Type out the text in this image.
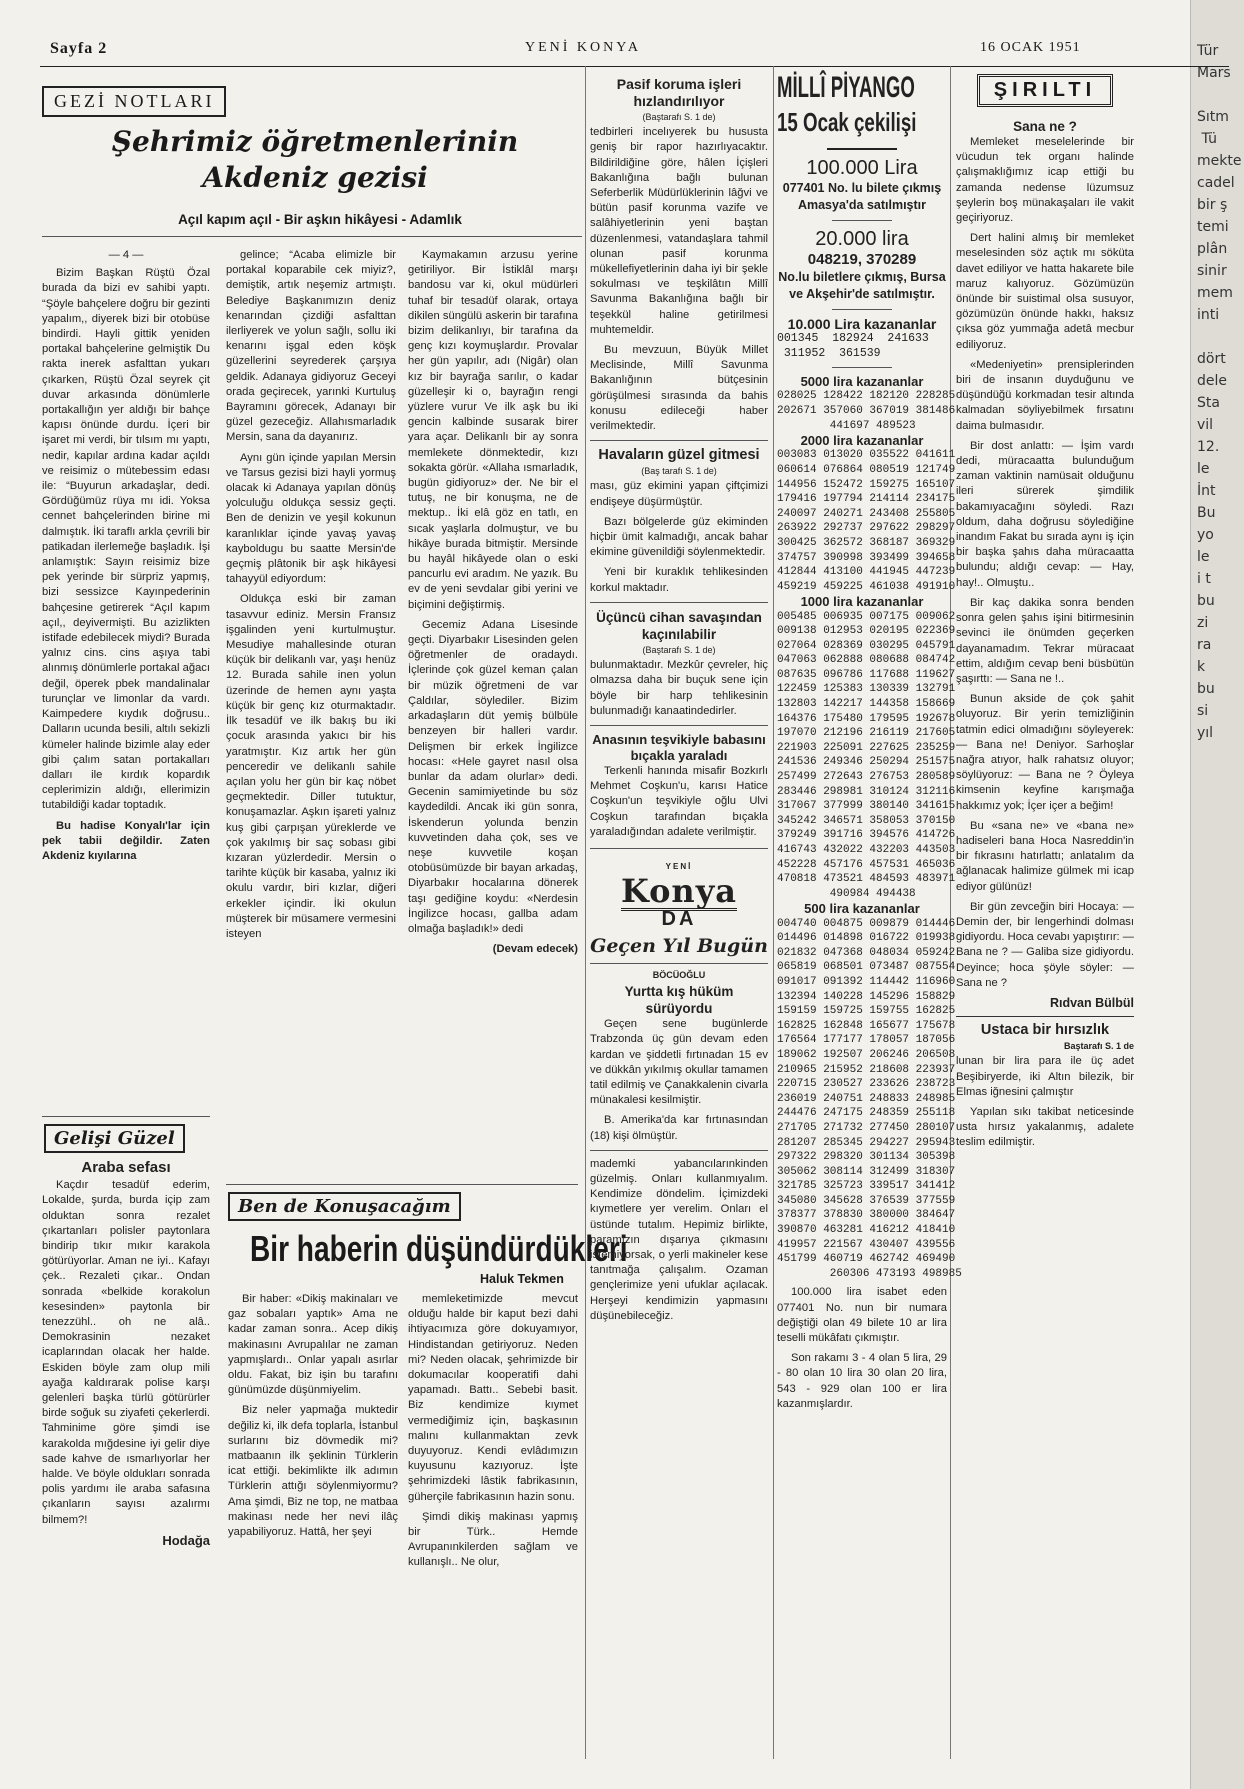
Tür
Mars

Sıtm
Tü
mekte
cadel
bir ş
temi
plân
sinir
mem
inti

dört
dele
Sta
vil
12.
le
İnt
Bu
yo
le
i t
bu
zi
ra
k
bu
si
yıl
Sayfa 2	YENİ KONYA	16 OCAK 1951
GEZİ NOTLARI
Şehrimiz öğretmenlerinin
Akdeniz gezisi
Açıl kapım açıl - Bir aşkın hikâyesi - Adamlık
— 4 —

Bizim Başkan Rüştü Özal burada da bizi ev sahibi yaptı. “Şöyle bahçelere doğru bir gezinti yapalım,, diyerek bizi bir otobüse bindirdi. Hayli gittik yeniden portakal bahçelerine gelmiştik Du rakta inerek asfalttan yukarı çıkarken, Rüştü Özal seyrek çit duvar arkasında dönümlerle portakallığın yer aldığı bir bahçe kapısı önünde durdu. İçeri bir işaret mi verdi, bir tılsım mı yaptı, nedir, kapılar ardına kadar açıldı ve reisimiz o mütebessim edası ile: “Buyurun arkadaşlar, dedi. Gördüğümüz rüya mı idi. Yoksa cennet bahçelerinden birine mi dalmıştık. İki taraflı arkla çevrili bir patikadan ilerlemeğe başladık. İşi anlamıştık: Sayın reisimiz bize pek yerinde bir sürpriz yapmış, bizi sessizce Kayınpederinin bahçesine getirerek “Açıl kapım açıl,, deyivermişti. Bu azizlikten istifade edebilecek miydi? Burada yalnız cins. cins aşıya tabi alınmış dönümlerle portakal ağacı değil, öperek pbek mandalinalar turunçlar ve limonlar da vardı. Kaimpedere kıydık doğrusu.. Dalların ucunda besili, altılı sekizli kümeler halinde bizimle alay eder gibi çalım satan portakalları dalları ile kırdık kopardık ceplerimizin aldığı, ellerimizin tutabildiği kadar toptadık.

Bu hadise Konyalı'lar için pek tabii değildir. Zaten Akdeniz kıyılarına

gelince; “Acaba elimizle bir portakal koparabile cek miyiz?, demiştik, artık neşemiz artmıştı. Belediye Başkanımızın deniz kenarından çizdiği asfalttan ilerliyerek ve yolun sağlı, sollu iki kenarını işgal eden köşk güzellerini seyrederek çarşıya geldik. Adanaya gidiyoruz Geceyi orada geçirecek, yarınki Kurtuluş Bayramını görecek, Adanayı bir güzel gezeceğiz. Allahısmarladık Mersin, sana da dayanırız.

Aynı gün içinde yapılan Mersin ve Tarsus gezisi bizi hayli yormuş olacak ki Adanaya yapılan dönüş yolculuğu oldukça sessiz geçti. Ben de denizin ve yeşil kokunun karanlıklar içinde yavaş yavaş kayboldugu bu saatte Mersin'de geçmiş plâtonik bir aşk hikâyesi tahayyül ediyordum:

Oldukça eski bir zaman tasavvur ediniz. Mersin Fransız işgalinden yeni kurtulmuştur. Mesudiye mahallesinde oturan küçük bir delikanlı var, yaşı henüz 12. Burada sahile inen yolun üzerinde de hemen aynı yaşta küçük bir genç kız oturmaktadır. İlk tesadüf ve ilk bakış bu iki çocuk arasında yakıcı bir his yaratmıştır. Kız artık her gün penceredir ve delikanlı sahile açılan yolu her gün bir kaç nöbet geçmektedir. Diller tutuktur, konuşamazlar. Aşkın işareti yalnız kuş gibi çarpışan yüreklerde ve çok yakılmış bir saç sobası gibi kızaran yüzlerdedir. Mersin o tarihte küçük bir kasaba, yalnız iki okulu vardır, biri kızlar, diğeri erkekler içindir. İki okulun müşterek bir müsamere vermesini isteyen

Kaymakamın arzusu yerine getiriliyor. Bir İstiklâl marşı bandosu var ki, okul müdürleri tuhaf bir tesadüf olarak, ortaya dikilen süngülü askerin bir tarafına bizim delikanlıyı, bir tarafına da genç kızı koymuşlardır. Provalar her gün yapılır, adı (Nigâr) olan kız bir bayrağa sarılır, o kadar güzelleşir ki o, bayrağın rengi yüzlere vurur Ve ilk aşk bu iki gencin kalbinde susarak birer yara açar. Delikanlı bir ay sonra memlekete dönmektedir, kızı sokakta görür. «Allaha ısmarladık, bugün gidiyoruz» der. Ne bir el tutuş, ne bir konuşma, ne de mektup.. İki elâ göz en tatlı, en sıcak yaşlarla dolmuştur, ve bu hikâye burada bitmiştir. Mersinde bu hayâl hikâyede olan o eski pancurlu evi aradım. Ne yazık. Bu ev de yeni sevdalar gibi yerini ve biçimini değiştirmiş.

Gecemiz Adana Lisesinde geçti. Diyarbakır Lisesinden gelen öğretmenler de oradaydı. İçlerinde çok güzel keman çalan bir müzik öğretmeni de var Çaldılar, söylediler. Bizim arkadaşların düt yemiş bülbüle benzeyen bir halleri vardır. Delişmen bir erkek İngilizce hocası: «Hele gayret nasıl olsa bunlar da adam olurlar» dedi. Gecenin samimiyetinde bu söz kaydedildi. Ancak iki gün sonra, İskenderun yolunda benzin kuvvetinden daha çok, ses ve neşe kuvvetile koşan otobüsümüzde bir bayan arkadaş, Diyarbakır hocalarına dönerek taşı gediğine koydu: «Nerdesin İngilizce hocası, gallba adam olmağa başladık!» dedi

(Devam edecek)
Gelişi Güzel
Araba sefası

Kaçdır tesadüf ederim, Lokalde, şurda, burda içip zam olduktan sonra rezalet çıkartanları polisler paytonlara bindirip tıkır mıkır karakola götürüyorlar. Aman ne iyi.. Kafayı çek.. Rezaleti çıkar.. Ondan sonrada «belkide korakolun kesesinden» paytonla bir tenezzühl.. oh ne alâ.. Demokrasinin nezaket icaplarından olacak her halde. Eskiden böyle zam olup mili ayağa kaldırarak polise karşı gelenleri başka türlü götürürler birde soğuk su ziyafeti çekerlerdi. Tahminime göre şimdi ise karakolda mığdesine iyi gelir diye sade kahve de ısmarlıyorlar her halde. Ve böyle oldukları sonrada polis yardımı ile araba safasına çıkanların sayısı azalırmı bilmem?!

Hodağa
Ben de Konuşacağım
Bir haberin düşündürdükleri
Haluk Tekmen

Bir haber: «Dikiş makinaları ve gaz sobaları yaptık» Ama ne kadar zaman sonra.. Acep dikiş makinasını Avrupalılar ne zaman yapmışlardı.. Onlar yapalı asırlar oldu. Fakat, biz işin bu tarafını günümüzde düşünmiyelim.

Biz neler yapmağa muktedir değiliz ki, ilk defa toplarla, İstanbul surlarını biz dövmedik mi? matbaanın ilk şeklinin Türklerin icat ettiği. bekimlikte ilk adımın Türklerin attığı söylenmiyormu? Ama şimdi, Biz ne top, ne matbaa makinası nede her nevi ilâç yapabiliyoruz. Hattâ, her şeyi

memleketimizde mevcut olduğu halde bir kaput bezi dahi ihtiyacımıza göre dokuyamıyor, Hindistandan getiriyoruz. Neden mi? Neden olacak, şehrimizde bir dokumacılar kooperatifi dahi yapamadı. Battı.. Sebebi basit. Biz kendimize kıymet vermediğimiz için, başkasının malını kullanmaktan zevk duyuyoruz. Kendi evlâdımızın kuyusunu kazıyoruz. İşte şehrimizdeki lâstik fabrikasının, güherçile fabrikasının hazin sonu.

Şimdi dikiş makinası yapmış bir Türk.. Hemde Avrupanınkilerden sağlam ve kullanışlı.. Ne olur,

Pasif koruma işleri hızlandırılıyor
(Baştarafı S. 1 de)

tedbirleri incelıyerek bu hususta geniş bir rapor hazırlıyacaktır. Bildirildiğine göre, hâlen İçişleri Bakanlığına bağlı bulunan Seferberlik Müdürlüklerinin lâğvi ve bütün pasif korunma vazife ve salâhiyetlerinin yeni baştan düzenlenmesi, vatandaşlara tahmil olunan pasif korunma mükellefiyetlerinin daha iyi bir şekle sokulması ve teşkilâtın Millî Savunma Bakanlığına bağlı bir teşekkül haline getirilmesi muhtemeldir.

Bu mevzuun, Büyük Millet Meclisinde, Millî Savunma Bakanlığının bütçesinin görüşülmesi sırasında da bahis konusu edileceği haber verilmektedir.

Havaların güzel gitmesi
(Baş tarafı S. 1 de)

ması, güz ekimini yapan çiftçimizi endişeye düşürmüştür.

Bazı bölgelerde güz ekiminden hiçbir ümit kalmadığı, ancak bahar ekimine güvenildiği söylenmektedir.

Yeni bir kuraklık tehlikesinden korkul maktadır.

Üçüncü cihan savaşından kaçınılabilir
(Baştarafı S. 1 de)

bulunmaktadır. Mezkûr çevreler, hiç olmazsa daha bir buçuk sene için böyle bir harp tehlikesinin bulunmadığı kanaatindedirler.

Anasının teşvikiyle babasını bıçakla yaraladı

Terkenli hanında misafir Bozkırlı Mehmet Coşkun'u, karısı Hatice Coşkun'un teşvikiyle oğlu Ulvi Coşkun tarafından bıçakla yaraladığından adalete verilmiştir.

YENİ
Konya
DA
Geçen Yıl Bugün
BÖCÜOĞLU
Yurtta kış hüküm sürüyordu

Geçen sene bugünlerde Trabzonda üç gün devam eden kardan ve şiddetli fırtınadan 15 ev ve dükkân yıkılmış okullar tamamen tatil edilmiş ve Çanakkalenin civarla münakalesi kesilmiştir.

B. Amerika'da kar fırtınasından (18) kişi ölmüştür.

mademki yabancılarınkinden güzelmiş. Onları kullanmıyalım. Kendimize döndelim. İçimizdeki kıymetlere yer verelim. Onları el üstünde tutalım. Hepimiz birlikte, paramızın dışarıya çıkmasını istemiyorsak, o yerli makineler kese tanıtmağa çalışalım. Ozaman gençlerimize yeni ufuklar açılacak. Herşeyi kendimizin yapmasını düşünebileceğiz.

MİLLÎ PİYANGO
15 Ocak çekilişi
100.000 Lira
077401 No. lu bilete çıkmış Amasya'da satılmıştır
20.000 lira
048219, 370289
No.lu biletlere çıkmış, Bursa ve Akşehir'de satılmıştır.
10.000 Lira kazananlar
001345  182924  241633
311952  361539
5000 lira kazananlar
028025 128422 182120 228285
202671 357060 367019 381486
441697 489523
2000 lira kazananlar
003083 013020 035522 041611
060614 076864 080519 121749
144956 152472 159275 165107
179416 197794 214114 234175
240097 240271 243408 255805
263922 292737 297622 298297
300425 362572 368187 369329
374757 390998 393499 394658
412844 413100 441945 447239
459219 459225 461038 491910
1000 lira kazananlar
005485 006935 007175 009062
009138 012953 020195 022369
027064 028369 030295 045791
047063 062888 080688 084742
087635 096786 117688 119627
122459 125383 130339 132791
132803 142217 144358 158669
164376 175480 179595 192678
197070 212196 216119 217605
221903 225091 227625 235259
241536 249346 250294 251575
257499 272643 276753 280589
283446 298981 310124 312116
317067 377999 380140 341615
345242 346571 358053 370150
379249 391716 394576 414726
416743 432022 432203 443503
452228 457176 457531 465036
470818 473521 484593 483971
490984 494438
500 lira kazananlar
004740 004875 009879 014446
014496 014898 016722 019938
021832 047368 048034 059242
065819 068501 073487 087554
091017 091392 114442 116960
132394 140228 145296 158829
159159 159725 159755 162825
162825 162848 165677 175678
176564 177177 178057 187056
189062 192507 206246 206508
210965 215952 218608 223937
220715 230527 233626 238723
236019 240751 248833 248985
244476 247175 248359 255118
271705 271732 277450 280107
281207 285345 294227 295943
297322 298320 301134 305398
305062 308114 312499 318307
321785 325723 339517 341412
345080 345628 376539 377559
378377 378830 380000 384647
390870 463281 416212 418410
419957 221567 430407 439556
451799 460719 462742 469490
260306 473193 498985

100.000 lira isabet eden 077401 No. nun bir numara değiştiği olan 49 bilete 10 ar lira teselli mükâfatı çıkmıştır.

Son rakamı 3 - 4 olan 5 lira, 29 - 80 olan 10 lira 30 olan 20 lira, 543 - 929 olan 100 er lira kazanmışlardır.

ŞIRILTI
Sana ne ?

Memleket meselelerinde bir vücudun tek organı halinde çalışmaklığımız icap ettiği bu zamanda nedense lüzumsuz şeylerin boş münakaşaları ile vakit geçiriyoruz.

Dert halini almış bir memleket meselesinden söz açtık mı söküta davet ediliyor ve hatta hakarete bile maruz kalıyoruz. Gözümüzün önünde bir suistimal olsa susuyor, gözümüzün önünde hakkı, haksız çıksa göz yummağa adetâ mecbur ediliyoruz.

«Medeniyetin» prensiplerinden biri de insanın duyduğunu ve düşündüğü korkmadan tesir altında kalmadan söyliyebilmek fırsatını daima bulmasıdır.

Bir dost anlattı: — İşim vardı dedi, müracaatta bulunduğum zaman vaktinin namüsait olduğunu ileri sürerek şimdilik bakamıyacağını söyledi. Razı oldum, daha doğrusu söylediğine inandım Fakat bu sırada aynı iş için bir başka şahıs daha müracaatta bulundu; aldığı cevap: — Hay, hay!.. Olmuştu..

Bir kaç dakika sonra benden sonra gelen şahıs işini bitirmesinin sevinci ile önümden geçerken dayanamadım. Tekrar müracaat ettim, aldığım cevap beni büsbütün şaşırttı: — Sana ne !..

Bunun akside de çok şahit oluyoruz. Bir yerin temizliğinin tatmin edici olmadığını söyleyerek: — Bana ne! Deniyor. Sarhoşlar nağra atıyor, halk rahatsız oluyor; söylüyoruz: — Bana ne ? Öyleya kimsenin keyfine karışmağa hakkımız yok; İçer içer a beğim!

Bu «sana ne» ve «bana ne» hadiseleri bana Hoca Nasreddin'in bir fıkrasını hatırlattı; anlatalım da ağlanacak halimize gülmek mi icap ediyor gülünüz!

Bir gün zevceğin biri Hocaya: — Demin der, bir lengerhindi dolması gidiyordu. Hoca cevabı yapıştırır: — Bana ne ? — Galiba size gidiyordu. Deyince; hoca şöyle söyler: — Sana ne ?

Rıdvan Bülbül
Ustaca bir hırsızlık
Baştarafı S. 1 de

lunan bir lira para ile üç adet Beşibiryerde, iki Altın bilezik, bir Elmas iğnesini çalmıştır

Yapılan sıkı takibat neticesinde usta hırsız yakalanmış, adalete teslim edilmiştir.
